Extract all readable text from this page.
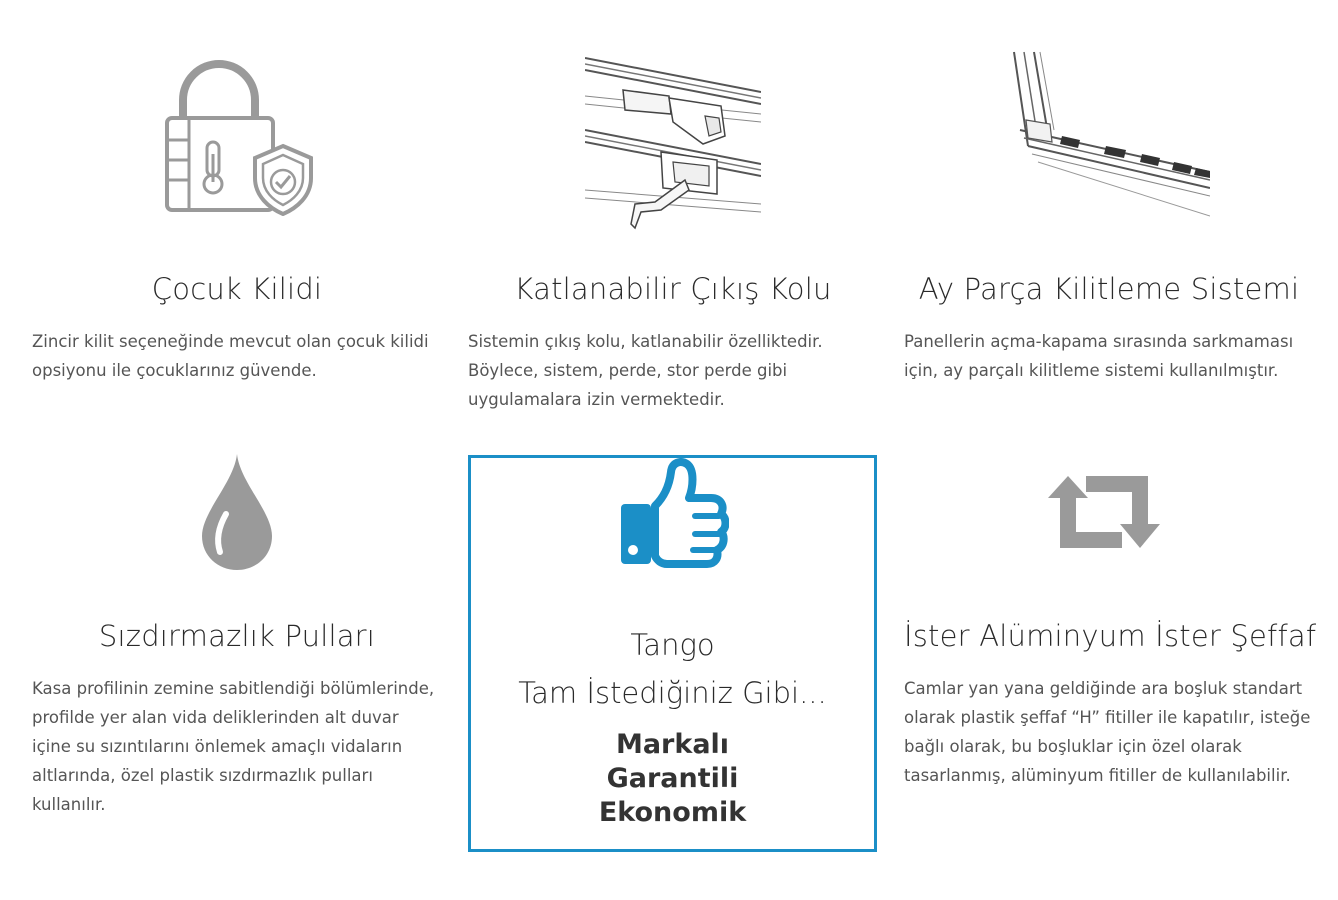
Çocuk Kilidi

Zincir kilit seçeneğinde mevcut olan çocuk kilidi opsiyonu ile çocuklarınız güvende.

Katlanabilir Çıkış Kolu

Sistemin çıkış kolu, katlanabilir özelliktedir. Böylece, sistem, perde, stor perde gibi uygulamalara izin vermektedir.

Ay Parça Kilitleme Sistemi

Panellerin açma-kapama sırasında sarkmaması için, ay parçalı kilitleme sistemi kullanılmıştır.

Sızdırmazlık Pulları

Kasa profilinin zemine sabitlendiği bölümlerinde, profilde yer alan vida deliklerinden alt duvar içine su sızıntılarını önlemek amaçlı vidaların altlarında, özel plastik sızdırmazlık pulları kullanılır.

Tango
Tam İstediğiniz Gibi...
Markalı
Garantili
Ekonomik
İster Alüminyum İster Şeffaf

Camlar yan yana geldiğinde ara boşluk standart olarak plastik şeffaf “H” fitiller ile kapatılır, isteğe bağlı olarak, bu boşluklar için özel olarak tasarlanmış, alüminyum fitiller de kullanılabilir.
